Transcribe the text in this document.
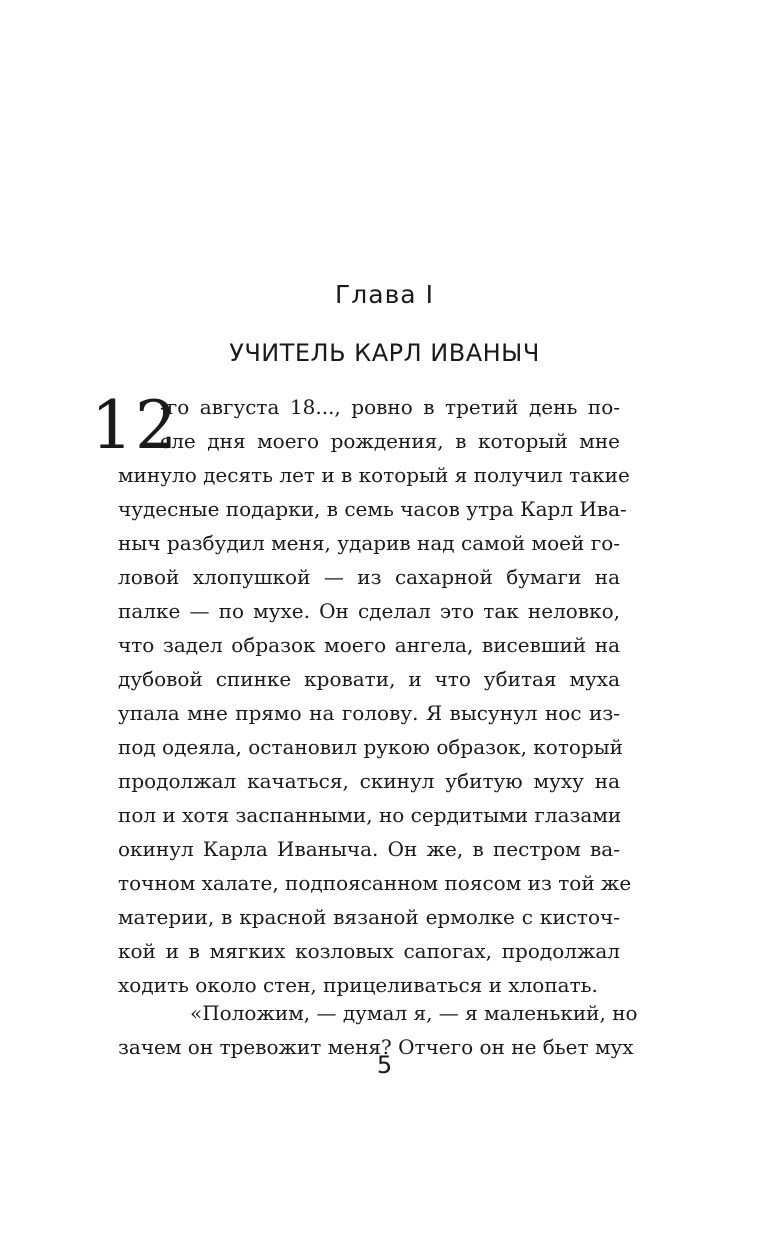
Глава I
УЧИТЕЛЬ КАРЛ ИВАНЫЧ
12
-го августа 18..., ровно в третий день по-
сле дня моего рождения, в который мне
минуло десять лет и в который я получил такие
чудесные подарки, в семь часов утра Карл Ива-
ныч разбудил меня, ударив над самой моей го-
ловой хлопушкой — из сахарной бумаги на
палке — по мухе. Он сделал это так неловко,
что задел образок моего ангела, висевший на
дубовой спинке кровати, и что убитая муха
упала мне прямо на голову. Я высунул нос из-
под одеяла, остановил рукою образок, который
продолжал качаться, скинул убитую муху на
пол и хотя заспанными, но сердитыми глазами
окинул Карла Иваныча. Он же, в пестром ва-
точном халате, подпоясанном поясом из той же
материи, в красной вязаной ермолке с кисточ-
кой и в мягких козловых сапогах, продолжал
ходить около стен, прицеливаться и хлопать.
«Положим, — думал я, — я маленький, но
зачем он тревожит меня? Отчего он не бьет мух
5
